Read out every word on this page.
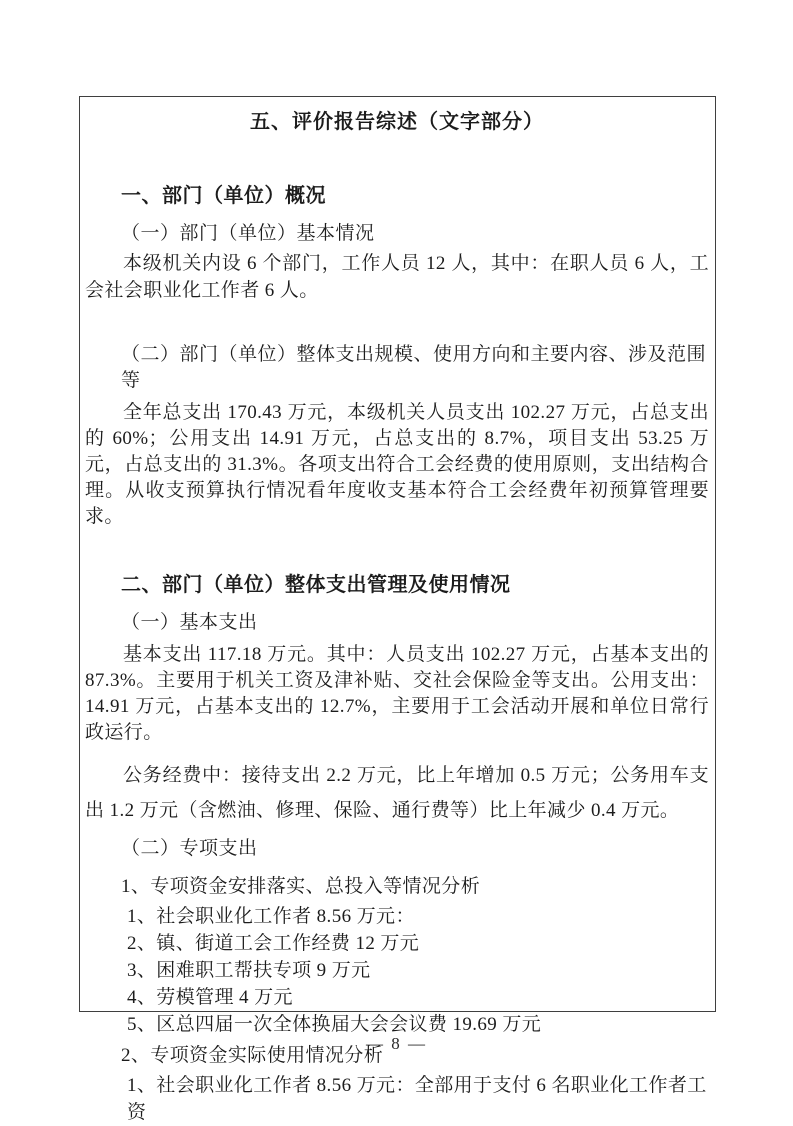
五、评价报告综述（文字部分）
一、部门（单位）概况
（一）部门（单位）基本情况
本级机关内设 6 个部门，工作人员 12 人，其中：在职人员 6 人，工会社会职业化工作者 6 人。
（二）部门（单位）整体支出规模、使用方向和主要内容、涉及范围等
全年总支出 170.43 万元，本级机关人员支出 102.27 万元，占总支出的 60%；公用支出 14.91 万元，占总支出的 8.7%，项目支出 53.25 万元，占总支出的 31.3%。各项支出符合工会经费的使用原则，支出结构合理。从收支预算执行情况看年度收支基本符合工会经费年初预算管理要求。
二、部门（单位）整体支出管理及使用情况
（一）基本支出
基本支出 117.18 万元。其中：人员支出 102.27 万元，占基本支出的 87.3%。主要用于机关工资及津补贴、交社会保险金等支出。公用支出：14.91 万元，占基本支出的 12.7%，主要用于工会活动开展和单位日常行政运行。
公务经费中：接待支出 2.2 万元，比上年增加 0.5 万元；公务用车支出 1.2 万元（含燃油、修理、保险、通行费等）比上年减少 0.4 万元。
（二）专项支出
1、专项资金安排落实、总投入等情况分析
1、社会职业化工作者 8.56 万元：
2、镇、街道工会工作经费 12 万元
3、困难职工帮扶专项 9 万元
4、劳模管理 4 万元
5、区总四届一次全体换届大会会议费 19.69 万元
2、专项资金实际使用情况分析
1、社会职业化工作者 8.56 万元：全部用于支付 6 名职业化工作者工资
— 8 —
